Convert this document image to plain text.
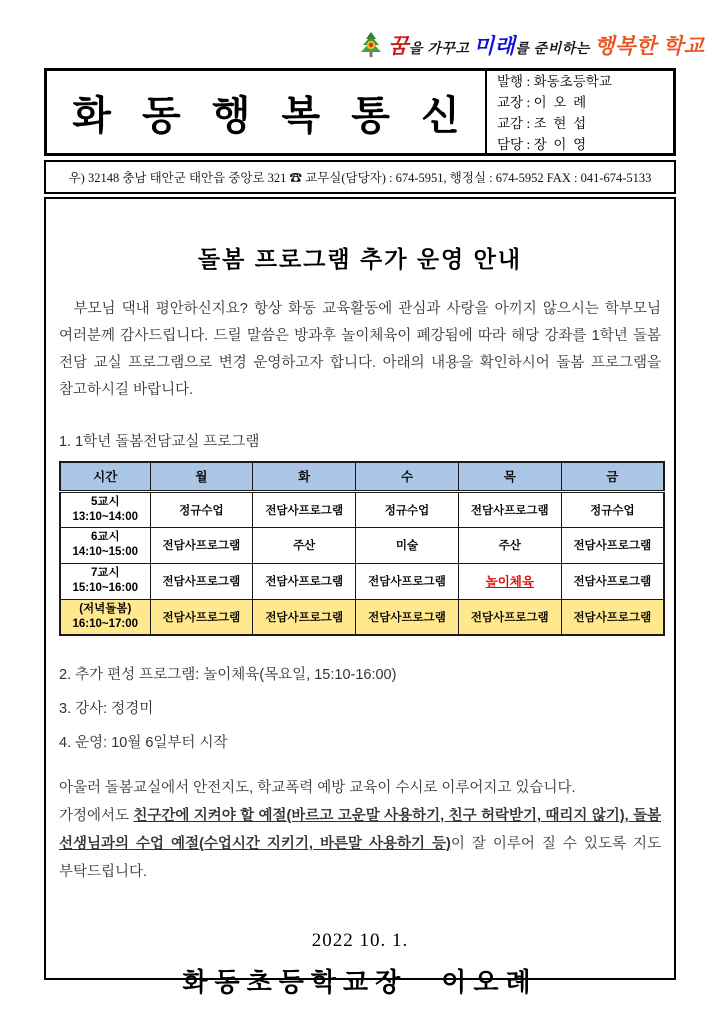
꿈을 가꾸고 미래를 준비하는 행복한 학교
화 동 행 복 통 신
발행 : 화동초등학교
교장 : 이  오  례
교감 : 조  현  섭
담당 : 장  이  영
우) 32148 충남 태안군 태안읍 중앙로 321 ☎ 교무실(담당자) : 674-5951, 행정실 : 674-5952 FAX : 041-674-5133
돌봄 프로그램 추가 운영 안내
부모님 댁내 평안하신지요? 항상 화동 교육활동에 관심과 사랑을 아끼지 않으시는 학부모님 여러분께 감사드립니다. 드릴 말씀은 방과후 놀이체육이 폐강됨에 따라 해당 강좌를 1학년 돌봄 전담 교실 프로그램으로 변경 운영하고자 합니다. 아래의 내용을 확인하시어 돌봄 프로그램을 참고하시길 바랍니다.
1. 1학년 돌봄전담교실 프로그램
시간	월	화	수	목	금

5교시
13:10~14:00	정규수업	전담사프로그램	정규수업	전담사프로그램	정규수업

6교시
14:10~15:00	전담사프로그램	주산	미술	주산	전담사프로그램

7교시
15:10~16:00	전담사프로그램	전담사프로그램	전담사프로그램	놀이체육	전담사프로그램

(저녁돌봄)
16:10~17:00	전담사프로그램	전담사프로그램	전담사프로그램	전담사프로그램	전담사프로그램
2. 추가 편성 프로그램: 놀이체육(목요일, 15:10-16:00)
3. 강사: 정경미
4. 운영: 10월 6일부터 시작
아울러 돌봄교실에서 안전지도, 학교폭력 예방 교육이 수시로 이루어지고 있습니다.
가정에서도 친구간에 지켜야 할 예절(바르고 고운말 사용하기, 친구 허락받기, 때리지 않기), 돌봄 선생님과의 수업 예절(수업시간 지키기, 바른말 사용하기 등)이 잘 이루어 질 수 있도록 지도 부탁드립니다.
2022 10. 1.
화동초등학교장 이오례
